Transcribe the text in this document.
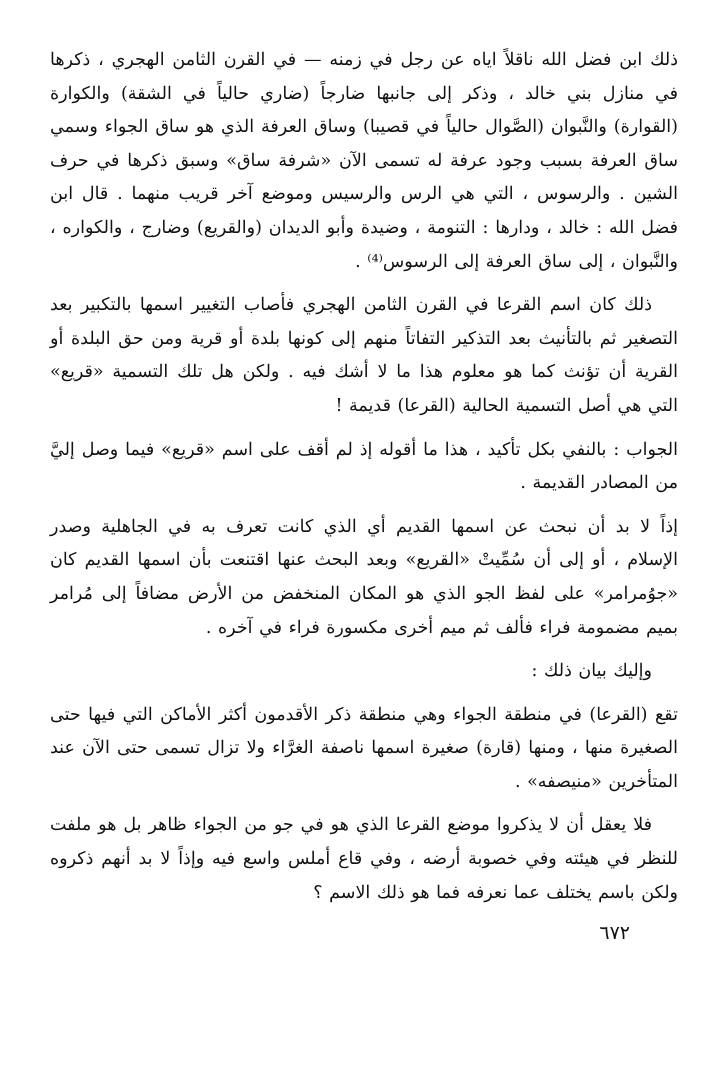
ذلك ابن فضل الله ناقلاً اياه عن رجل في زمنه — في القرن الثامن الهجري ، ذكرها في منازل بني خالد ، وذكر إلى جانبها ضارجاً (ضاري حالياً في الشقة) والكوارة (القوارة) والنَّبوان (الصَّوال حالياً في قصيبا) وساق العرفة الذي هو ساق الجواء وسمي ساق العرفة بسبب وجود عرفة له تسمى الآن «شرفة ساق» وسبق ذكرها في حرف الشين . والرسوس ، التي هي الرس والرسيس وموضع آخر قريب منهما . قال ابن فضل الله : خالد ، ودارها : التنومة ، وضيدة وأبو الديدان (والقريع) وضارج ، والكواره ، والنَّبوان ، إلى ساق العرفة إلى الرسوس⁽⁴⁾ .

ذلك كان اسم القرعا في القرن الثامن الهجري فأصاب التغيير اسمها بالتكبير بعد التصغير ثم بالتأنيث بعد التذكير التفاتاً منهم إلى كونها بلدة أو قرية ومن حق البلدة أو القرية أن تؤنث كما هو معلوم هذا ما لا أشك فيه . ولكن هل تلك التسمية «قريع» التي هي أصل التسمية الحالية (القرعا) قديمة !

الجواب : بالنفي بكل تأكيد ، هذا ما أقوله إذ لم أقف على اسم «قريع» فيما وصل إليَّ من المصادر القديمة .

إذاً لا بد أن نبحث عن اسمها القديم أي الذي كانت تعرف به في الجاهلية وصدر الإسلام ، أو إلى أن سُمِّيتْ «القريع» وبعد البحث عنها اقتنعت بأن اسمها القديم كان «جوُمرامر» على لفظ الجو الذي هو المكان المنخفض من الأرض مضافاً إلى مُرامر بميم مضمومة فراء فألف ثم ميم أخرى مكسورة فراء في آخره .

وإليك بيان ذلك :

تقع (القرعا) في منطقة الجواء وهي منطقة ذكر الأقدمون أكثر الأماكن التي فيها حتى الصغيرة منها ، ومنها (قارة) صغيرة اسمها ناصفة الغرَّاء ولا تزال تسمى حتى الآن عند المتأخرين «منيصفه» .

فلا يعقل أن لا يذكروا موضع القرعا الذي هو في جو من الجواء ظاهر بل هو ملفت للنظر في هيئته وفي خصوبة أرضه ، وفي قاع أملس واسع فيه وإذاً لا بد أنهم ذكروه ولكن باسم يختلف عما نعرفه فما هو ذلك الاسم ؟

٦٧٢
